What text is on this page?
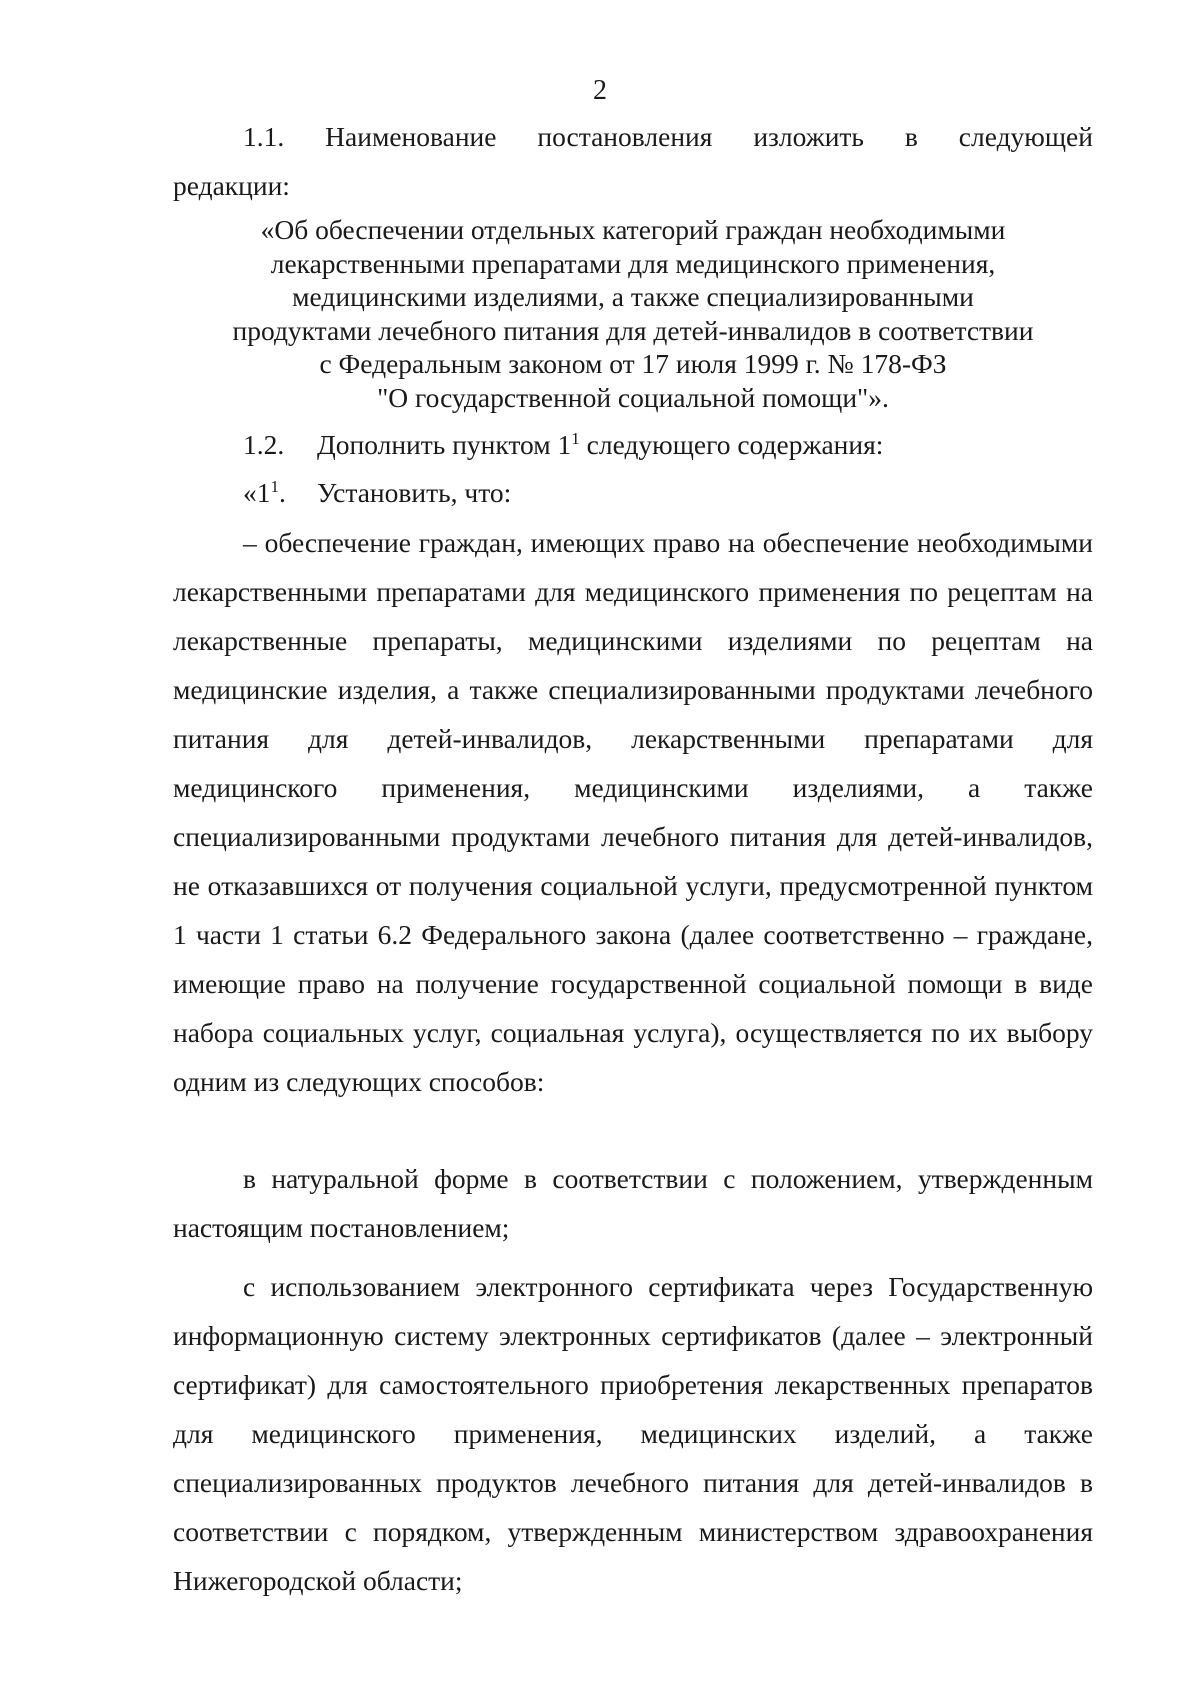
2
1.1. Наименование постановления изложить в следующей
редакции:
«Об обеспечении отдельных категорий граждан необходимыми
лекарственными препаратами для медицинского применения,
медицинскими изделиями, а также специализированными
продуктами лечебного питания для детей-инвалидов в соответствии
с Федеральным законом от 17 июля 1999 г. № 178-ФЗ
"О государственной социальной помощи"».
1.2. Дополнить пунктом $1^1$ следующего содержания:
«$1^1$. Установить, что:

– обеспечение граждан, имеющих право на обеспечение необходимыми лекарственными препаратами для медицинского применения по рецептам на лекарственные препараты, медицинскими изделиями по рецептам на медицинские изделия, а также специализированными продуктами лечебного питания для детей-инвалидов, лекарственными препаратами для медицинского применения, медицинскими изделиями, а также специализированными продуктами лечебного питания для детей-инвалидов, не отказавшихся от получения социальной услуги, предусмотренной пунктом 1 части 1 статьи 6.2 Федерального закона (далее соответственно – граждане, имеющие право на получение государственной социальной помощи в виде набора социальных услуг, социальная услуга), осуществляется по их выбору одним из следующих способов:

в натуральной форме в соответствии с положением, утвержденным настоящим постановлением;

с использованием электронного сертификата через Государственную информационную систему электронных сертификатов (далее – электронный сертификат) для самостоятельного приобретения лекарственных препаратов для медицинского применения, медицинских изделий, а также специализированных продуктов лечебного питания для детей-инвалидов в соответствии с порядком, утвержденным министерством здравоохранения Нижегородской области;
